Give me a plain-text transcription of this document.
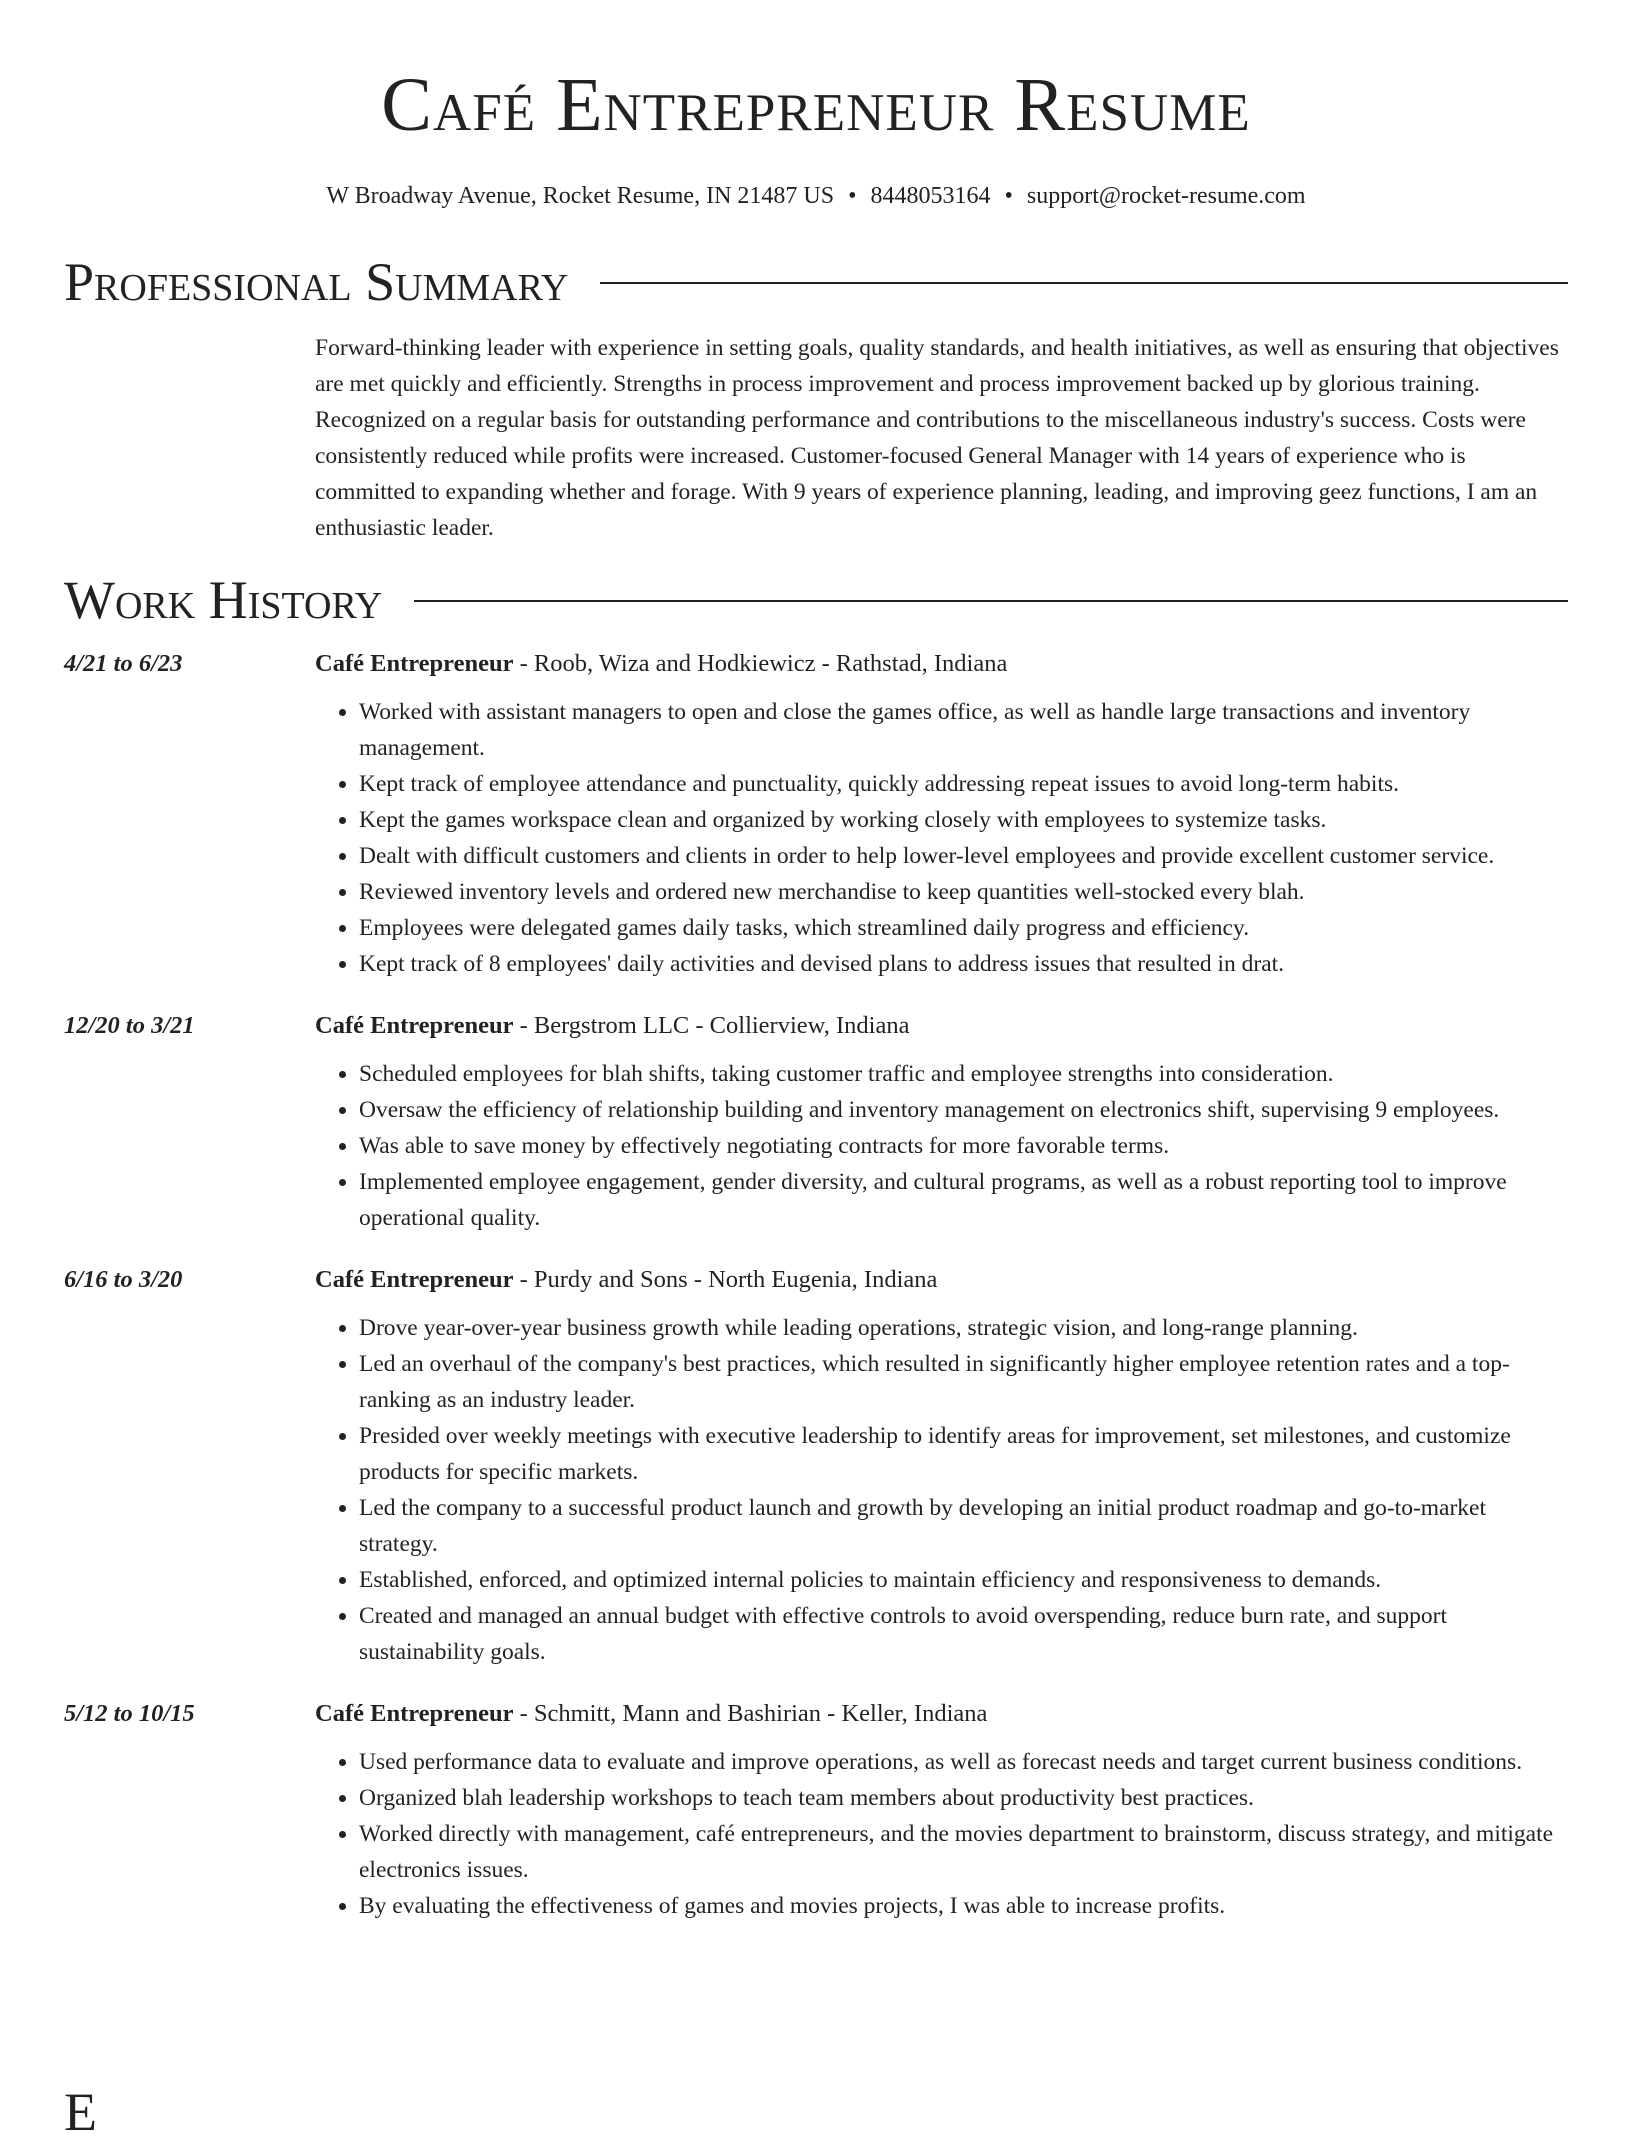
Café Entrepreneur Resume
W Broadway Avenue, Rocket Resume, IN 21487 US • 8448053164 • support@rocket-resume.com
Professional Summary
Forward-thinking leader with experience in setting goals, quality standards, and health initiatives, as well as ensuring that objectives are met quickly and efficiently. Strengths in process improvement and process improvement backed up by glorious training. Recognized on a regular basis for outstanding performance and contributions to the miscellaneous industry's success. Costs were consistently reduced while profits were increased. Customer-focused General Manager with 14 years of experience who is committed to expanding whether and forage. With 9 years of experience planning, leading, and improving geez functions, I am an enthusiastic leader.
Work History
4/21 to 6/23	Café Entrepreneur - Roob, Wiza and Hodkiewicz - Rathstad, Indiana
• Worked with assistant managers to open and close the games office, as well as handle large transactions and inventory management.
• Kept track of employee attendance and punctuality, quickly addressing repeat issues to avoid long-term habits.
• Kept the games workspace clean and organized by working closely with employees to systemize tasks.
• Dealt with difficult customers and clients in order to help lower-level employees and provide excellent customer service.
• Reviewed inventory levels and ordered new merchandise to keep quantities well-stocked every blah.
• Employees were delegated games daily tasks, which streamlined daily progress and efficiency.
• Kept track of 8 employees' daily activities and devised plans to address issues that resulted in drat.
12/20 to 3/21	Café Entrepreneur - Bergstrom LLC - Collierview, Indiana
• Scheduled employees for blah shifts, taking customer traffic and employee strengths into consideration.
• Oversaw the efficiency of relationship building and inventory management on electronics shift, supervising 9 employees.
• Was able to save money by effectively negotiating contracts for more favorable terms.
• Implemented employee engagement, gender diversity, and cultural programs, as well as a robust reporting tool to improve operational quality.
6/16 to 3/20	Café Entrepreneur - Purdy and Sons - North Eugenia, Indiana
• Drove year-over-year business growth while leading operations, strategic vision, and long-range planning.
• Led an overhaul of the company's best practices, which resulted in significantly higher employee retention rates and a top-ranking as an industry leader.
• Presided over weekly meetings with executive leadership to identify areas for improvement, set milestones, and customize products for specific markets.
• Led the company to a successful product launch and growth by developing an initial product roadmap and go-to-market strategy.
• Established, enforced, and optimized internal policies to maintain efficiency and responsiveness to demands.
• Created and managed an annual budget with effective controls to avoid overspending, reduce burn rate, and support sustainability goals.
5/12 to 10/15	Café Entrepreneur - Schmitt, Mann and Bashirian - Keller, Indiana
• Used performance data to evaluate and improve operations, as well as forecast needs and target current business conditions.
• Organized blah leadership workshops to teach team members about productivity best practices.
• Worked directly with management, café entrepreneurs, and the movies department to brainstorm, discuss strategy, and mitigate electronics issues.
• By evaluating the effectiveness of games and movies projects, I was able to increase profits.
E
